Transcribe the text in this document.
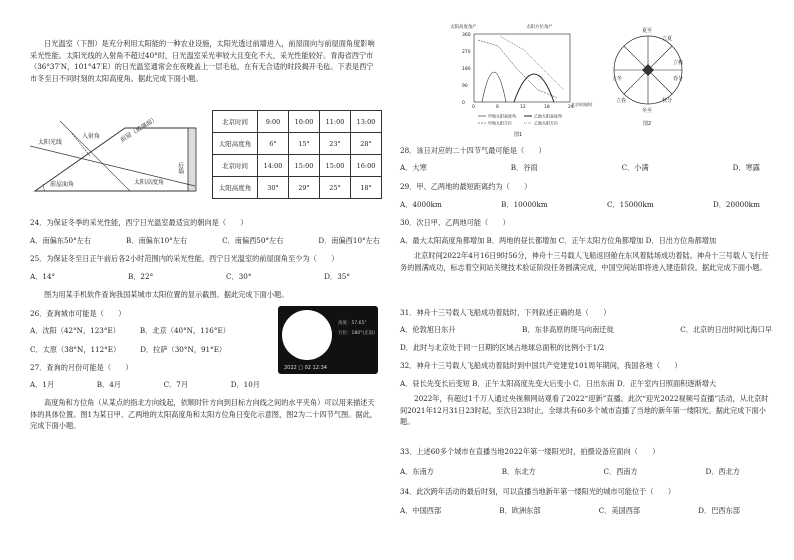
日光温室（下图）是充分利用太阳能的一种农业设施，太阳光透过前墙进入，前屋面向与前屋面角度影响采光性能。太阳光线的入射角不超过40°时，日光温室采光率较大且变化不大，采光性能较好。青海省西宁市（36°37′N，101°47′E）的日光温室通常会在夜晚盖上一层毛毡，在有无合适的时段揭开毛毡。下表是西宁市冬至日不同时刻的太阳高度角。据此完成下面小题。
入射角
太阳光线	前屋（玻璃面）
后墙
前屋面角	太阳高度角
北京时间	9:00	10:00	11:00	13:00
太阳高度角	6°	15°	23°	28°
北京时间	14:00	15:00	15:00	16:00
太阳高度角	30°	29°	25°	18°
24．为保证冬季的采光性能，西宁日光温室最适宜的朝向是（　　）
A．南偏东50°左右	B．南偏东10°左右	C．南偏西50°左右	D．南偏西10°左右
25．为保证冬至日正午前后各2小时范围内的采光性能，西宁日光温室的前屋面角至少为（　　）
A．14°	B．22°	C．30°	D．35°
图为用某手机软件查询我国某城市太阳位置的显示截图。据此完成下面小题。
26．查询城市可能是（　　）
A．沈阳（42°N，123°E）	B．北京（40°N，116°E）
C．太原（38°N，112°E）	D．拉萨（30°N，91°E）
高度：57.65°
方位：180°(正南)
2022 □ 02 12:34
27．查询的月份可能是（　　）
A．1月	B．4月	C．7月	D．10月
高度角和方位角（从某点的指北方向线起，依顺时针方向到目标方向线之间的水平夹角）可以用来描述天体的具体位置。图1为某日甲、乙两地的太阳高度角和太阳方位角日变化示意图，图2为二十四节气图。据此，完成下面小题。
太阳高度角/°	太阳方位角/°
360
270
180
90
0
0	6	12	18	24
北京时间/时
甲地太阳高度角	乙地太阳高度角
甲地太阳方位	乙地太阳方位
图1
夏至
立夏
立秋
春分
秋分
冬至
立春
立冬
图2
28．该日对应的二十四节气最可能是（　　）
A．大寒	B．谷雨	C．小满	D．寒露
29．甲、乙两地的最短距离约为（　　）
A．4000km	B．10000km	C．15000km	D．20000km
30．次日甲、乙两地可能（　　）
A．最大太阳高度角都增加 B．两地的昼长都增加 C．正午太阳方位角都增加 D．日出方位角都增加
北京时间2022年4月16日9时56分，神舟十三号载人飞船返回舱在东风着陆场成功着陆。神舟十三号载人飞行任务的圆满成功，标志着空间站关键技术验证阶段任务圆满完成，中国空间站即将进入建造阶段。据此完成下面小题。
31．神舟十三号载人飞船成功着陆时，下列叙述正确的是（　　）
A．伦敦旭日东升	B．东非高原的斑马向南迁徙	C．北京的日出时间比海口早
D．此时与北京处于同一日期的区域占地球总面积的比例小于1/2
32．神舟十三号载人飞船成功着陆时到中国共产党建党101周年期间，我国各地（　　）
A．昼长先变长后变短 B．正午太阳高度先变大后变小 C．日出东南 D．正午室内日照面积逐渐增大
2022年，有超过1千万人通过央视频网站观看了2022“迎新”直播。此次“迎光2022视频号直播”活动，从北京时间2021年12月31日23时起，至次日23时止，全球共有60多个城市直播了当地的新年第一缕阳光。据此完成下面小题。
33．上述60多个城市在直播当地2022年第一缕阳光时，拍摄设备应面向（　　）
A．东南方	B．东北方	C．西南方	D．西北方
34．此次跨年活动的最后时刻，可以直播当地新年第一缕阳光的城市可能位于（　　）
A．中国西部	B．欧洲东部	C．美国西部	D．巴西东部
